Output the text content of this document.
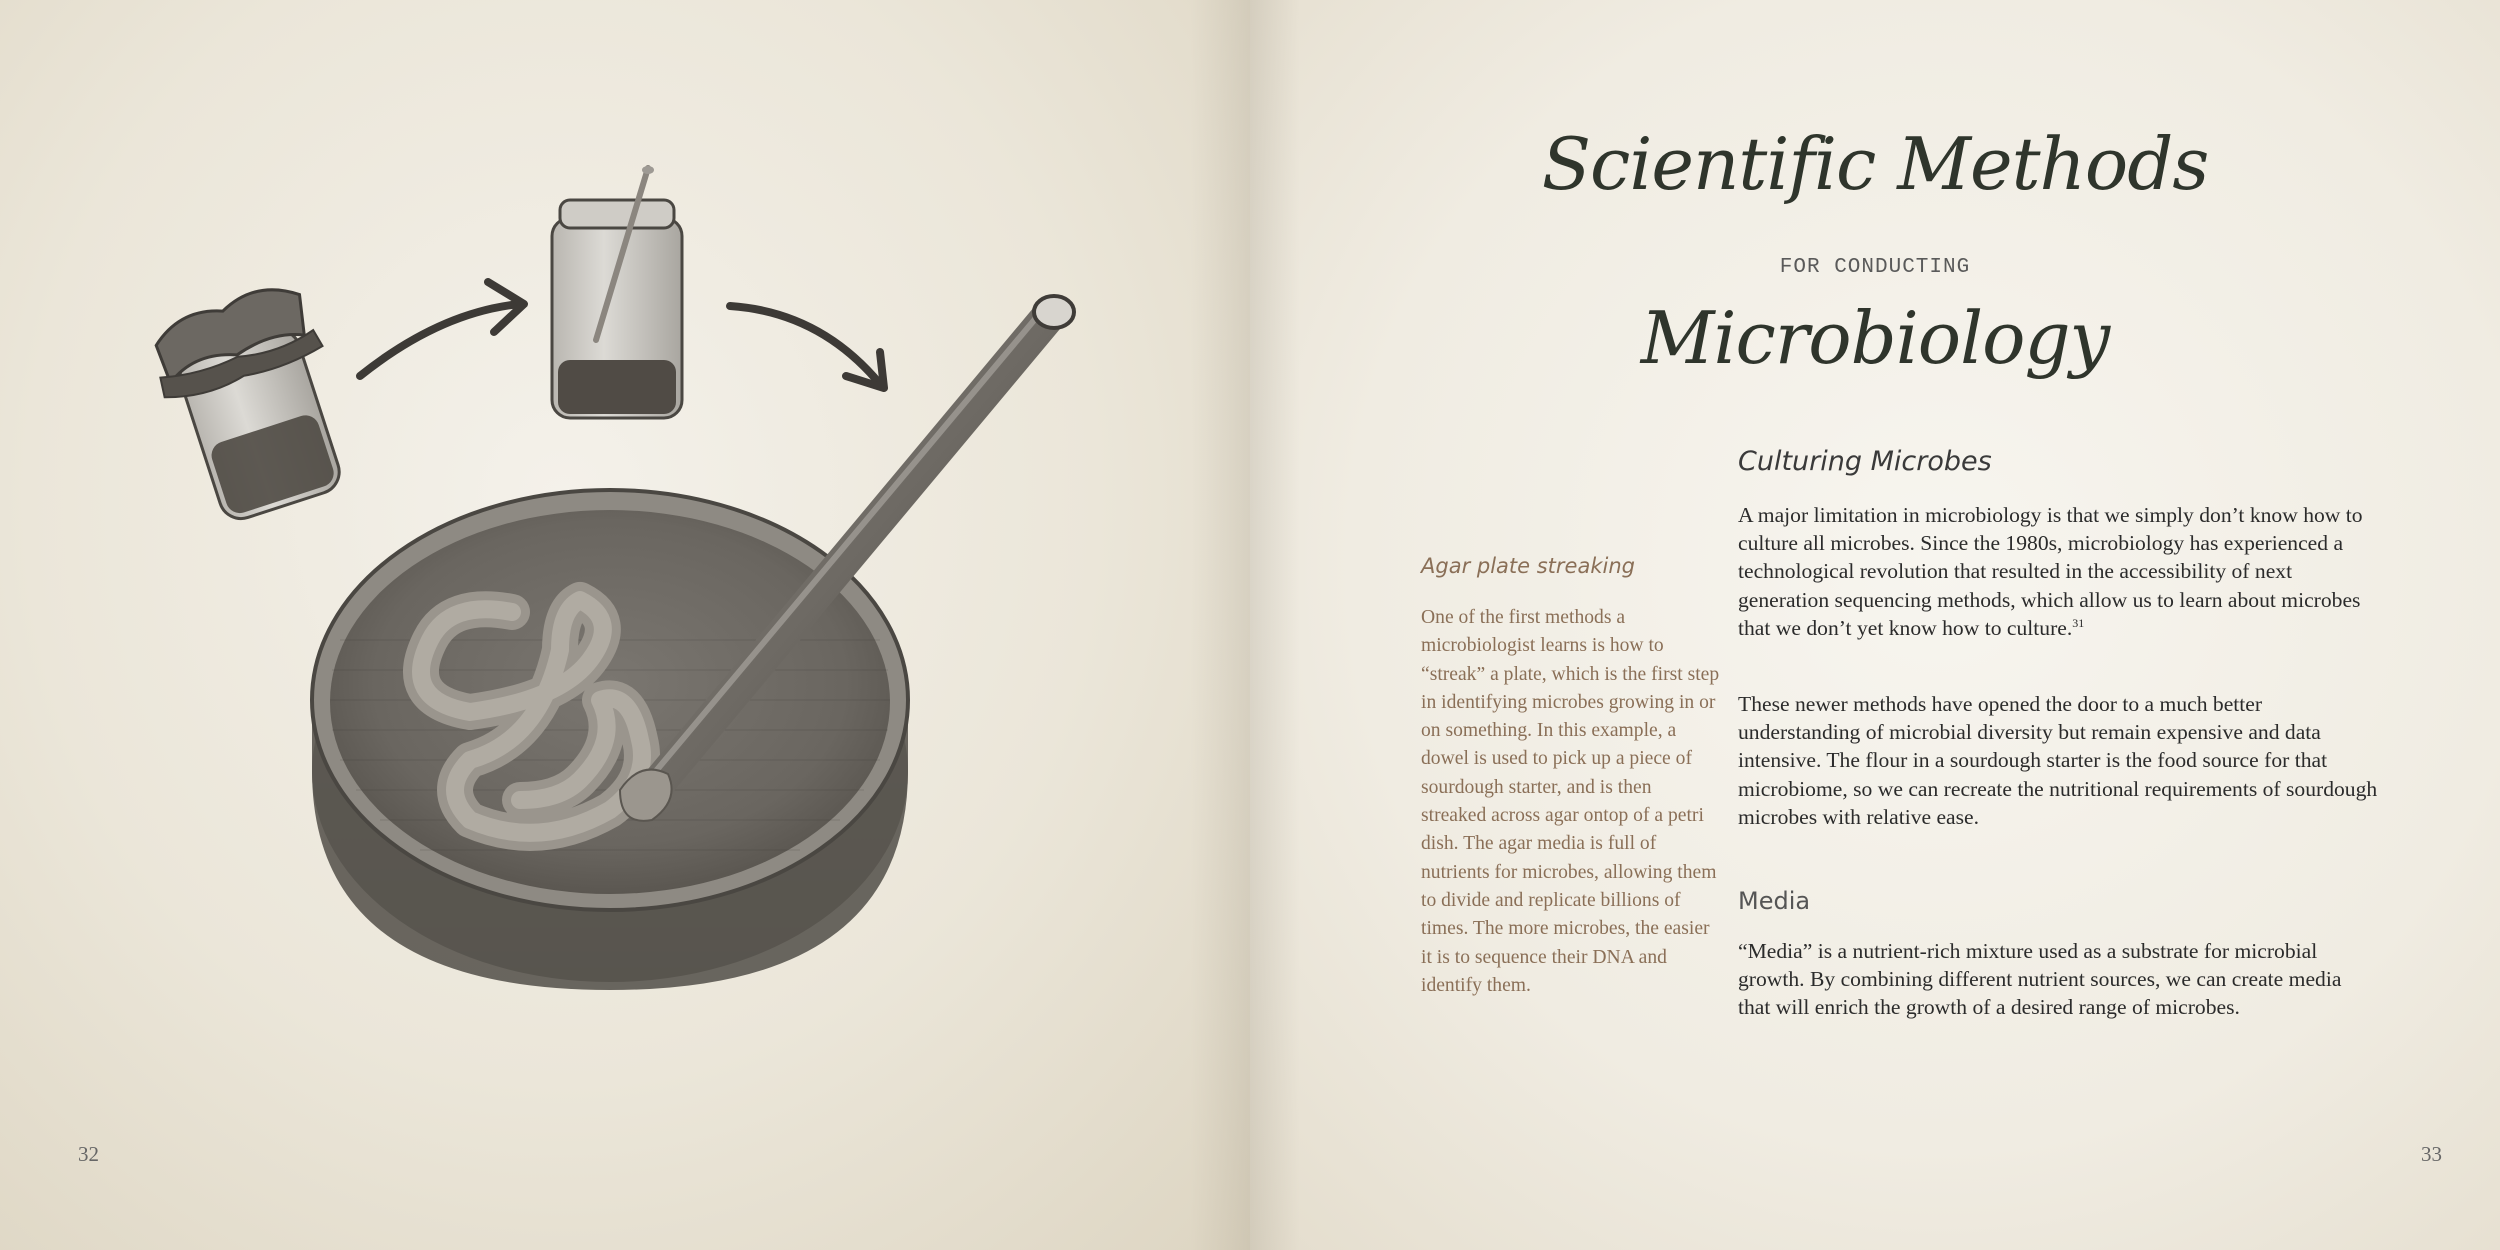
32
Scientific Methods
FOR CONDUCTING
Microbiology
Culturing Microbes

A major limitation in microbiology is that we simply don’t know how to culture all microbes. Since the 1980s, microbiology has experienced a technological revolution that resulted in the accessibility of next generation sequencing methods, which allow us to learn about microbes that we don’t yet know how to culture.$^{31}$

These newer methods have opened the door to a much better understanding of microbial diversity but remain expensive and data intensive. The flour in a sourdough starter is the food source for that microbiome, so we can recreate the nutritional requirements of sourdough microbes with relative ease.

Media

“Media” is a nutrient-rich mixture used as a substrate for microbial growth. By combining different nutrient sources, we can create media that will enrich the growth of a desired range of microbes.

Agar plate streaking

One of the first methods a microbiologist learns is how to “streak” a plate, which is the first step in identifying microbes growing in or on something. In this example, a dowel is used to pick up a piece of sourdough starter, and is then streaked across agar ontop of a petri dish. The agar media is full of nutrients for microbes, allowing them to divide and replicate billions of times. The more microbes, the easier it is to sequence their DNA and identify them.

33
